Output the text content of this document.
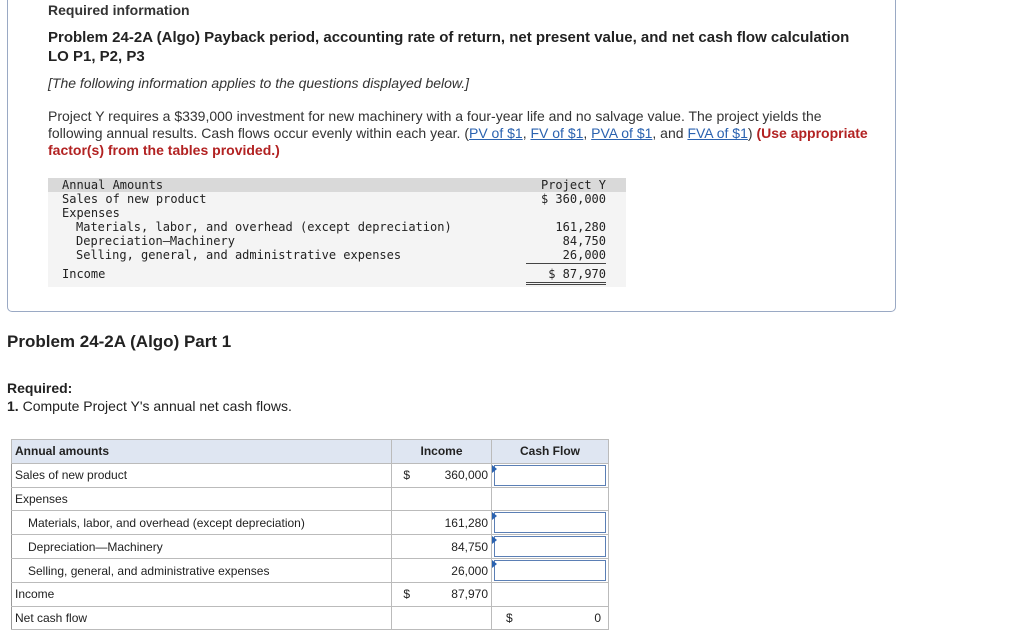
Required information
Problem 24-2A (Algo) Payback period, accounting rate of return, net present value, and net cash flow calculation LO P1, P2, P3
[The following information applies to the questions displayed below.]
Project Y requires a $339,000 investment for new machinery with a four-year life and no salvage value. The project yields the following annual results. Cash flows occur evenly within each year. (PV of $1, FV of $1, PVA of $1, and FVA of $1) (Use appropriate factor(s) from the tables provided.)
Annual Amounts	Project Y
Sales of new product	$ 360,000
Expenses
Materials, labor, and overhead (except depreciation)	161,280
Depreciation—Machinery	84,750
Selling, general, and administrative expenses	26,000
Income	$ 87,970
Problem 24-2A (Algo) Part 1
Required:
1. Compute Project Y's annual net cash flows.
Annual amounts	Income		Cash Flow
Sales of new product	$	360,000	

Expenses			
Materials, labor, and overhead (except depreciation)		161,280	

Depreciation—Machinery		84,750	

Selling, general, and administrative expenses		26,000	

Income	$	87,970	
Net cash flow			$ 0
